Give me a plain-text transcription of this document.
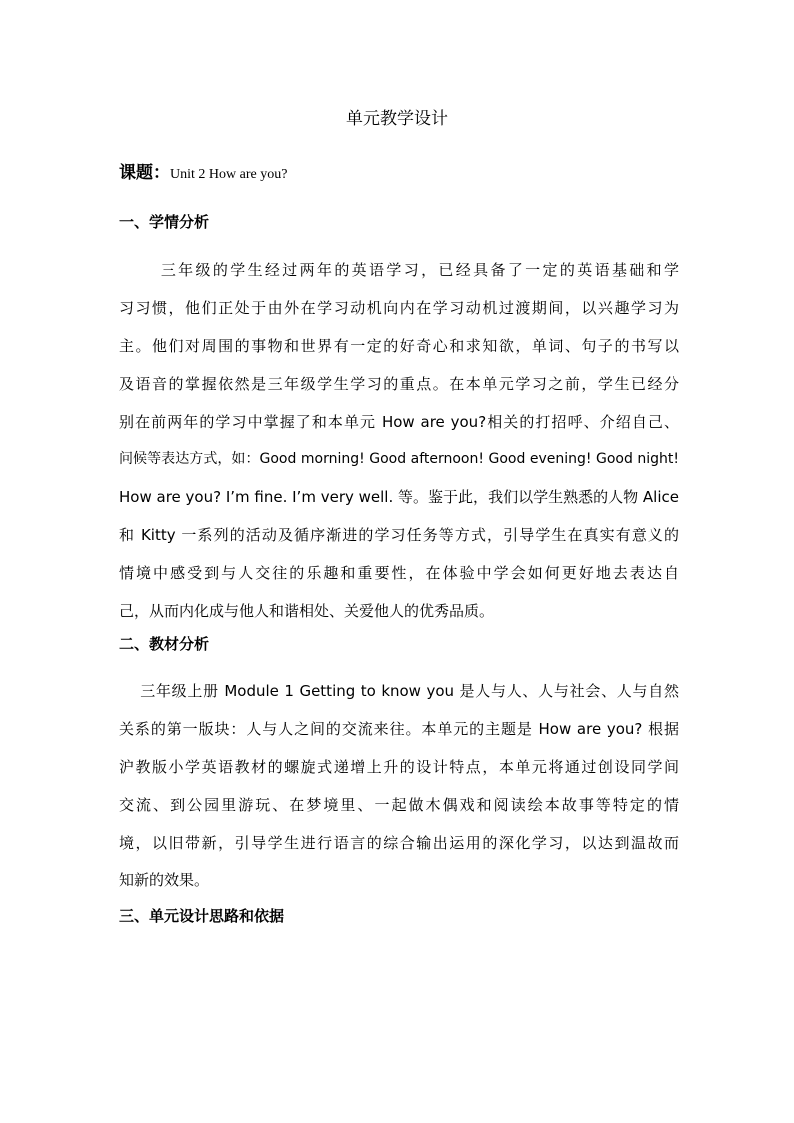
单元教学设计
课题：Unit 2 How are you?
一、学情分析
　　 三年级的学生经过两年的英语学习，已经具备了一定的英语基础和学
习习惯，他们正处于由外在学习动机向内在学习动机过渡期间，以兴趣学习为
主。他们对周围的事物和世界有一定的好奇心和求知欲，单词、句子的书写以
及语音的掌握依然是三年级学生学习的重点。在本单元学习之前，学生已经分
别在前两年的学习中掌握了和本单元 How are you?相关的打招呼、介绍自己、
问候等表达方式，如：Good morning! Good afternoon! Good evening! Good night!
How are you? I’m fine. I’m very well. 等。鉴于此，我们以学生熟悉的人物 Alice
和 Kitty 一系列的活动及循序渐进的学习任务等方式，引导学生在真实有意义的
情境中感受到与人交往的乐趣和重要性，在体验中学会如何更好地去表达自
己，从而内化成与他人和谐相处、关爱他人的优秀品质。
二、教材分析
　 三年级上册 Module 1 Getting to know you 是人与人、人与社会、人与自然
关系的第一版块：人与人之间的交流来往。本单元的主题是 How are you? 根据
沪教版小学英语教材的螺旋式递增上升的设计特点，本单元将通过创设同学间
交流、到公园里游玩、在梦境里、一起做木偶戏和阅读绘本故事等特定的情
境，以旧带新，引导学生进行语言的综合输出运用的深化学习，以达到温故而
知新的效果。
三、单元设计思路和依据
